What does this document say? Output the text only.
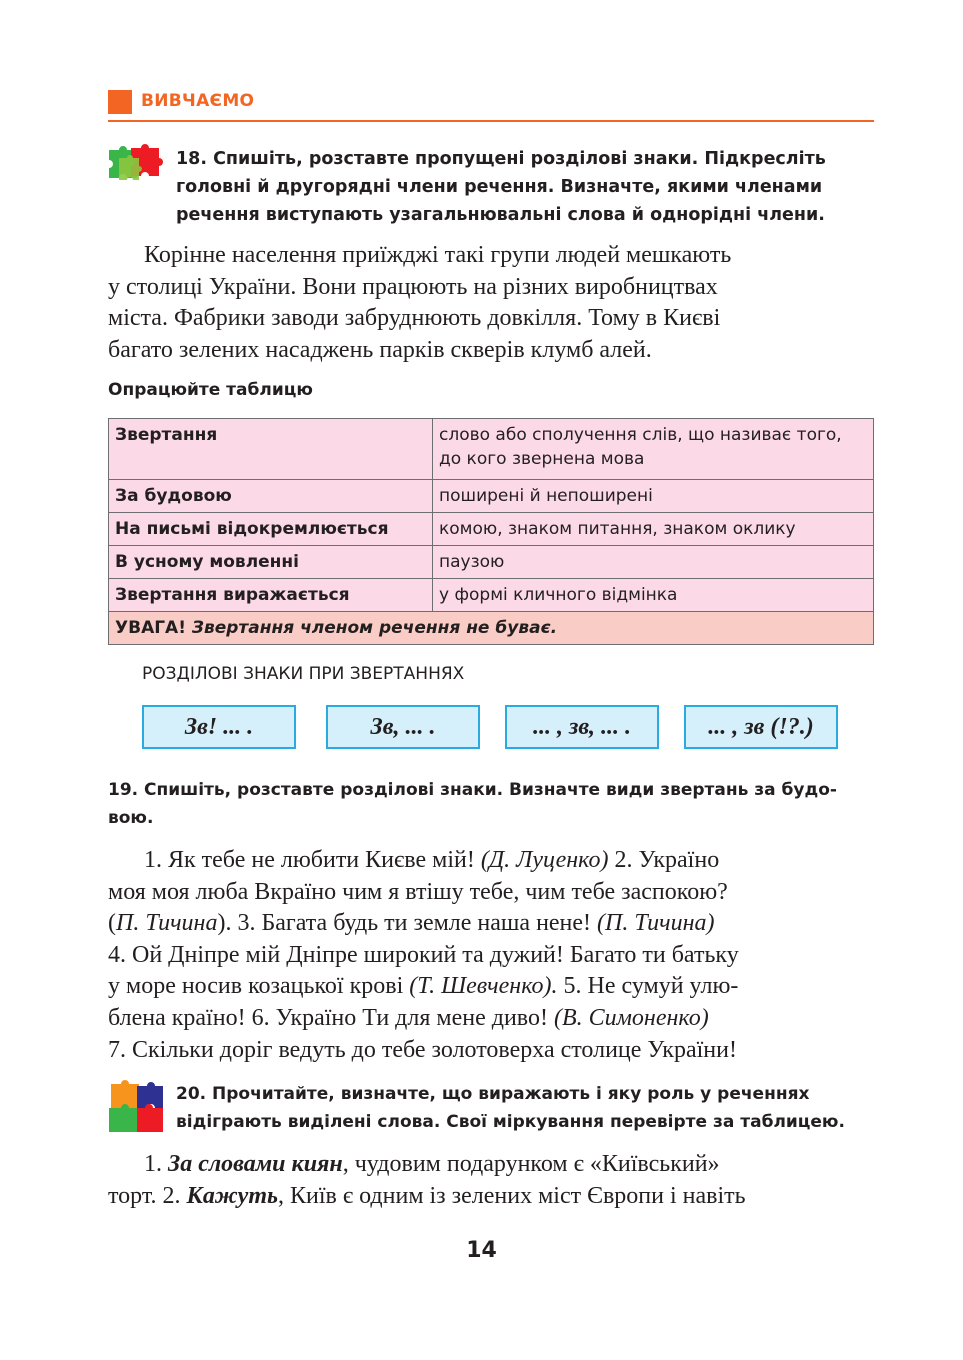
ВИВЧАЄМО
18. Спишіть, розставте пропущені розділові знаки. Підкресліть
головні й другорядні члени речення. Визначте, якими членами
речення виступають узагальнювальні слова й однорідні члени.
Корінне населення приїжджі такі групи людей мешкають
у столиці України. Вони працюють на різних виробництвах
міста. Фабрики заводи забруднюють довкілля. Тому в Києві
багато зелених насаджень парків скверів клумб алей.
Опрацюйте таблицю
Звертання	слово або сполучення слів, що називає того, до кого звернена мова
За будовою	поширені й непоширені
На письмі відокремлюється	комою, знаком питання, знаком оклику
В усному мовленні	паузою
Звертання виражається	у формі кличного відмінка
УВАГА! Звертання членом речення не буває.	
РОЗДІЛОВІ ЗНАКИ ПРИ ЗВЕРТАННЯХ
Зв! ... .	Зв, ... .	... , зв, ... .	... , зв (!?.)
19. Спишіть, розставте розділові знаки. Визначте види звертань за будо-
вою.
1. Як тебе не любити Києве мій! (Д. Луценко) 2. Україно
моя моя люба Вкраїно чим я втішу тебе, чим тебе заспокою?
(П. Тичина). 3. Багата будь ти земле наша нене! (П. Тичина)
4. Ой Дніпре мій Дніпре широкий та дужий! Багато ти батьку
у море носив козацької крові (Т. Шевченко). 5. Не сумуй улю-
блена країно! 6. Україно Ти для мене диво! (В. Симоненко)
7. Скільки доріг ведуть до тебе золотоверха столице України!
20. Прочитайте, визначте, що виражають і яку роль у реченнях
відіграють виділені слова. Свої міркування перевірте за таблицею.
1. За словами киян, чудовим подарунком є «Київський»
торт. 2. Кажуть, Київ є одним із зелених міст Європи і навіть
14
